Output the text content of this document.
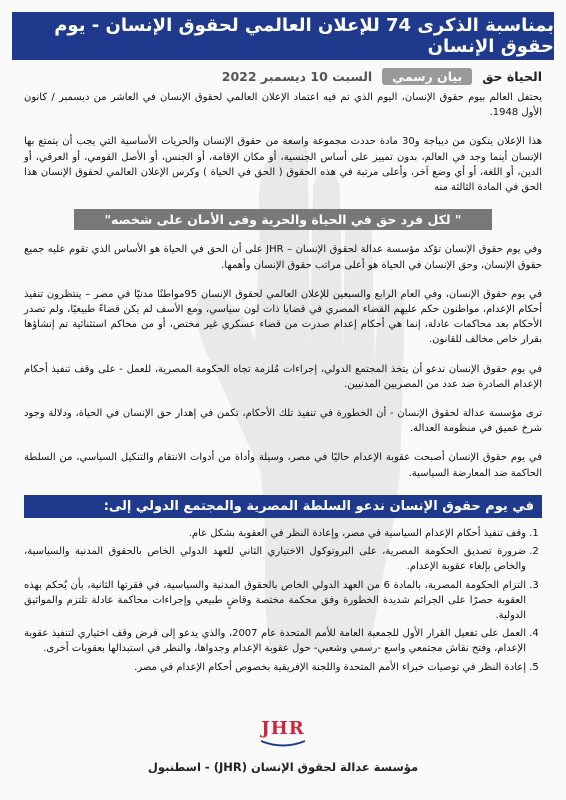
بمناسبة الذكرى 74 للإعلان العالمي لحقوق الإنسان - يوم حقوق الإنسان
الحياة حق
بيان رسمي
السبت 10 ديسمبر 2022

يحتفل العالم بيوم حقوق الإنسان، اليوم الذي تم فيه اعتماد الإعلان العالمي لحقوق الإنسان في العاشر من ديسمبر / كانون الأول 1948.

هذا الإعلان يتكون من ديباجة و30 مادة حددت مجموعة واسعة من حقوق الإنسان والحريات الأساسية التي يجب أن يتمتع بها الإنسان أينما وجد في العالم، بدون تمييز على أساس الجنسية، أو مكان الإقامة، أو الجنس، أو الأصل القومي، أو العرقي، أو الدين، أو اللغة، أو أي وضع آخر، وأعلى مرتبة في هذه الحقوق ( الحق في الحياة ) وكرس الإعلان العالمي لحقوق الإنسان هذا الحق في المادة الثالثة منه

" لكل فرد حق في الحياة والحرية وفى الأمان على شخصه"

وفي يوم حقوق الإنسان تؤكد مؤسسة عدالة لحقوق الإنسان – JHR على أن الحق في الحياة هو الأساس الذي تقوم عليه جميع حقوق الإنسان، وحق الإنسان في الحياة هو أعلى مراتب حقوق الإنسان وأهمها.

في يوم حقوق الإنسان، وفي العام الرابع والسبعين للإعلان العالمي لحقوق الإنسان 95مواطنًا مدنيًا في مصر – ينتظرون تنفيذ أحكام الإعدام، مواطنون حكم عليهم القضاء المصري في قضايا ذات لون سياسي، ومع الأسف لم يكن قضاءً طبيعيًا، ولم تصدر الأحكام بعد محاكمات عادلة، إنما هي أحكام إعدام صدرت من قضاء عسكري غير مختص، أو من محاكم استثنائية تم إنشاؤها بقرار خاص مخالف للقانون.

في يوم حقوق الإنسان ندعو أن يتخذ المجتمع الدولي، إجراءات مُلزمة تجاه الحكومة المصرية، للعمل - على وقف تنفيذ أحكام الإعدام الصادرة ضد عدد من المصريين المدنيين.

ترى مؤسسة عدالة لحقوق الإنسان - أن الخطورة في تنفيذ تلك الأحكام، تكمن في إهدار حق الإنسان في الحياة، ودلالة وجود شرخ عميق في منظومة العدالة.

في يوم حقوق الإنسان أصبحت عقوبة الإعدام حاليًا في مصر، وسيلة وأداة من أدوات الانتقام والتنكيل السياسي، من السلطة الحاكمة ضد المعارضة السياسية.

في يوم حقوق الإنسان ندعو السلطة المصرية والمجتمع الدولي إلى:
1. وقف تنفيذ أحكام الإعدام السياسية في مصر، وإعادة النظر في العقوبة بشكل عام.
2. ضرورة تصديق الحكومة المصرية، على البروتوكول الاختياري الثاني للعهد الدولي الخاص بالحقوق المدنية والسياسية، والخاص بإلغاء عقوبة الإعدام.
3. التزام الحكومة المصرية، بالمادة 6 من العهد الدولي الخاص بالحقوق المدنية والسياسية، في فقرتها الثانية، بأن يُحكم بهذه العقوبة حصرًا على الجرائم شديدة الخطورة وفق محكمة مختصة وقاضٍ طبيعي وإجراءات محاكمة عادلة تلتزم والمواثيق الدولية.
4. العمل على تفعيل القرار الأول للجمعية العامة للأمم المتحدة عام 2007، والذي يدعو إلى فرض وقف اختياري لتنفيذ عقوبة الإعدام، وفتح نقاش مجتمعي واسع -رسمي وشعبي- حول عقوبة الإعدام وجدواها، والنظر في استبدالها بعقوبات أخرى.
5. إعادة النظر في توصيات خبراء الأمم المتحدة واللجنة الإفريقية بخصوص أحكام الإعدام في مصر.
JHR
مؤسسة عدالة لحقوق الإنسان (JHR) - اسطنبول
